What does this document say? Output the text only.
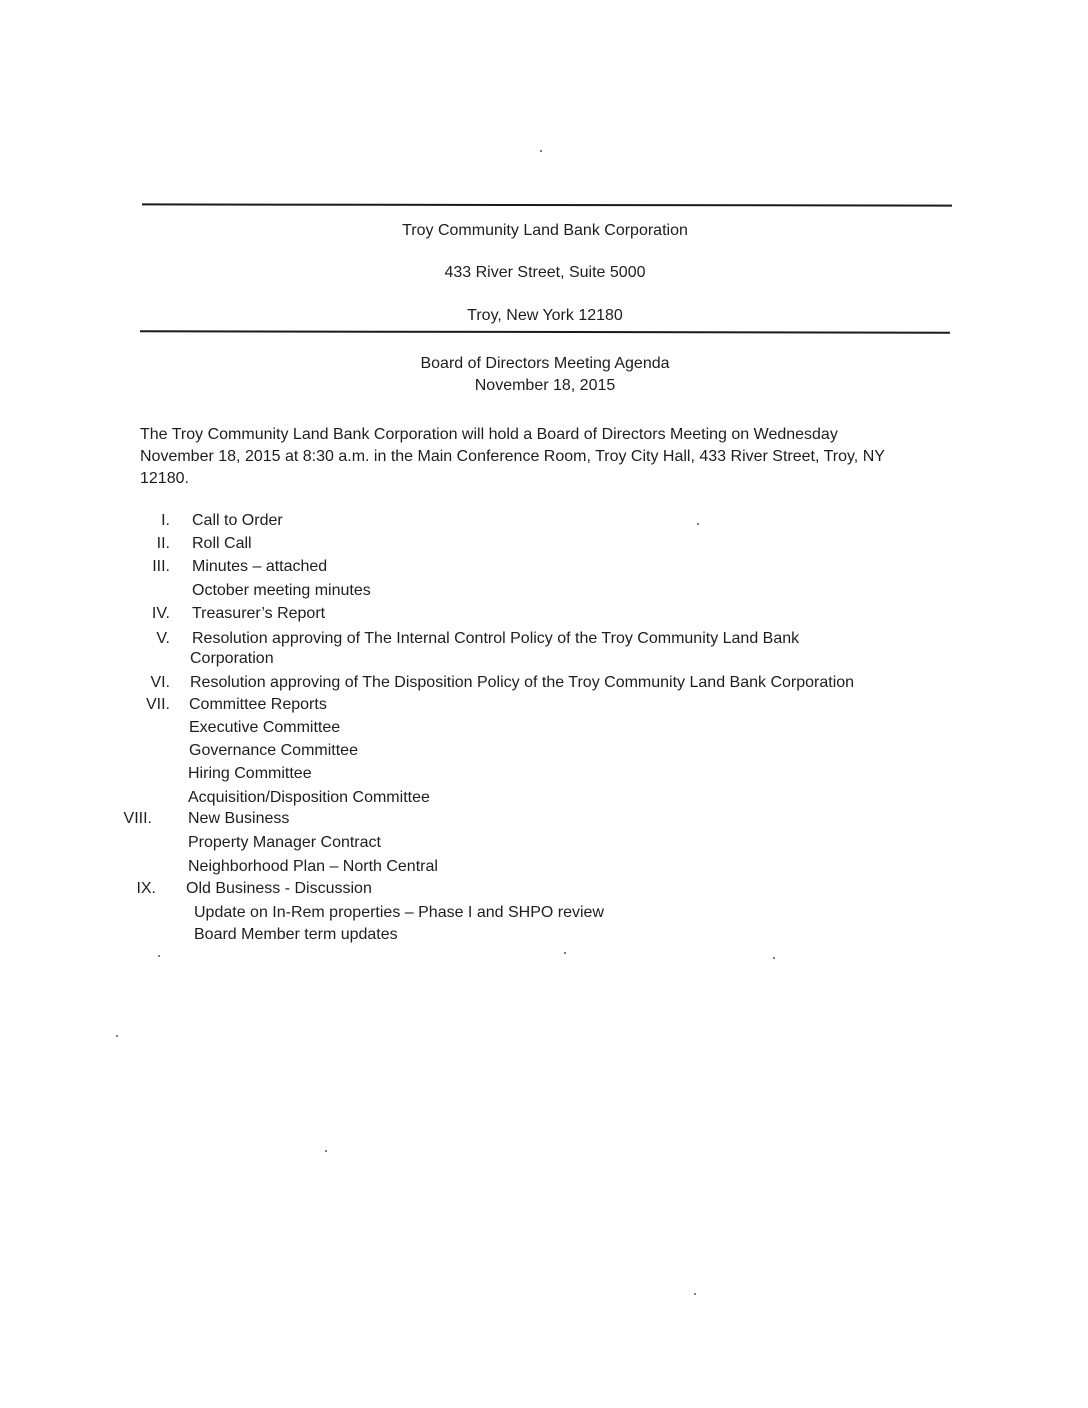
Troy Community Land Bank Corporation
433 River Street, Suite 5000
Troy, New York 12180
Board of Directors Meeting Agenda
November 18, 2015
The Troy Community Land Bank Corporation will hold a Board of Directors Meeting on Wednesday
November 18, 2015 at 8:30 a.m. in the Main Conference Room, Troy City Hall, 433 River Street, Troy, NY
12180.
I. Call to Order
II. Roll Call
III. Minutes – attached
October meeting minutes
IV. Treasurer’s Report
V. Resolution approving of The Internal Control Policy of the Troy Community Land Bank
Corporation
VI. Resolution approving of The Disposition Policy of the Troy Community Land Bank Corporation
VII. Committee Reports
Executive Committee
Governance Committee
Hiring Committee
Acquisition/Disposition Committee
VIII. New Business
Property Manager Contract
Neighborhood Plan – North Central
IX. Old Business - Discussion
Update on In-Rem properties – Phase I and SHPO review
Board Member term updates
